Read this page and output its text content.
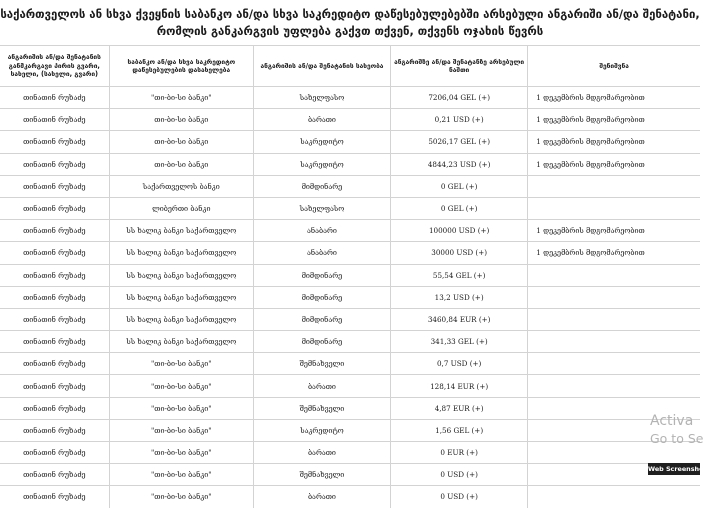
საქართველოს ან სხვა ქვეყნის საბანკო ან/და სხვა საკრედიტო დაწესებულებებში არსებული ანგარიში ან/და შენატანი,
რომლის განკარგვის უფლება გაქვთ თქვენ, თქვენს ოჯახის წევრს
ანგარიშის ან/და შენატანის განმკარგავი პირის გვარი, სახელი, (სახელი, გვარი)	საბანკო ან/და სხვა საკრედიტო დაწესებულების დასახელება	ანგარიშის ან/და შენატანის სახეობა	ანგარიშზე ან/და შენატანზე არსებული ნაშთი	შენიშვნა
თინათინ რუხაძე	"თი-ბი-სი ბანკი"	სახელფასო	7206,04 GEL (+)	1 დეკემბრის მდგომარეობით
თინათინ რუხაძე	თი-ბი-სი ბანკი	ბარათი	0,21 USD (+)	1 დეკემბრის მდგომარეობით
თინათინ რუხაძე	თი-ბი-სი ბანკი	საკრედიტო	5026,17 GEL (+)	1 დეკემბრის მდგომარეობით
თინათინ რუხაძე	თი-ბი-სი ბანკი	საკრედიტო	4844,23 USD (+)	1 დეკემბრის მდგომარეობით
თინათინ რუხაძე	საქართველოს ბანკი	მიმდინარე	0 GEL (+)	
თინათინ რუხაძე	ლიბერთი ბანკი	სახელფასო	0 GEL (+)	
თინათინ რუხაძე	სს ხალიკ ბანკი საქართველო	ანაბარი	100000 USD (+)	1 დეკემბრის მდგომარეობით
თინათინ რუხაძე	სს ხალიკ ბანკი საქართველო	ანაბარი	30000 USD (+)	1 დეკემბრის მდგომარეობით
თინათინ რუხაძე	სს ხალიკ ბანკი საქართველო	მიმდინარე	55,54 GEL (+)	
თინათინ რუხაძე	სს ხალიკ ბანკი საქართველო	მიმდინარე	13,2 USD (+)	
თინათინ რუხაძე	სს ხალიკ ბანკი საქართველო	მიმდინარე	3460,84 EUR (+)	
თინათინ რუხაძე	სს ხალიკ ბანკი საქართველო	მიმდინარე	341,33 GEL (+)	
თინათინ რუხაძე	"თი-ბი-სი ბანკი"	შემნახველი	0,7 USD (+)	
თინათინ რუხაძე	"თი-ბი-სი ბანკი"	ბარათი	128,14 EUR (+)	
თინათინ რუხაძე	"თი-ბი-სი ბანკი"	შემნახველი	4,87 EUR (+)	
თინათინ რუხაძე	"თი-ბი-სი ბანკი"	საკრედიტო	1,56 GEL (+)	
თინათინ რუხაძე	"თი-ბი-სი ბანკი"	ბარათი	0 EUR (+)	
თინათინ რუხაძე	"თი-ბი-სი ბანკი"	შემნახველი	0 USD (+)	
თინათინ რუხაძე	"თი-ბი-სი ბანკი"	ბარათი	0 USD (+)	
Activa
Go to Se
Web Screenshot
